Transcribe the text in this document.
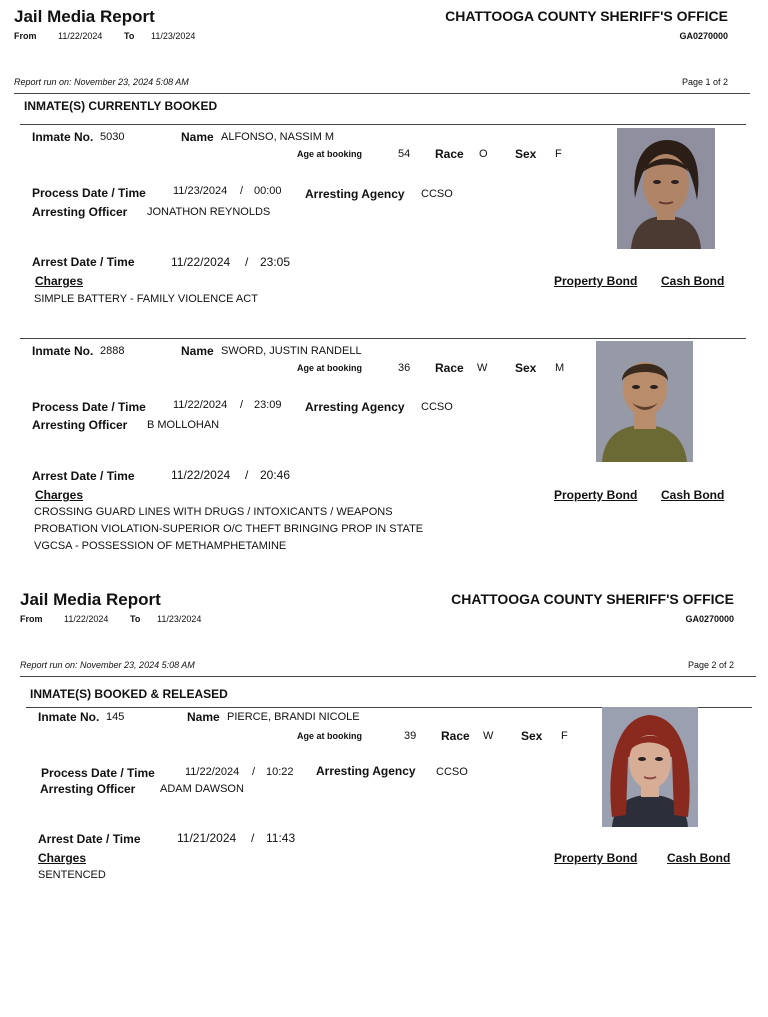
Jail Media Report
From 11/22/2024 To 11/23/2024
CHATTOOGA COUNTY SHERIFF'S OFFICE
GA0270000
Report run on: November 23, 2024 5:08 AM	Page 1 of 2
INMATE(S) CURRENTLY BOOKED
Inmate No. 5030	Name ALFONSO, NASSIM M
Age at booking	54 Race O Sex F
Process Date / Time 11/23/2024 / 00:00 Arresting Agency CCSO
Arresting Officer JONATHON REYNOLDS
Arrest Date / Time	11/22/2024 / 23:05
Charges	Property Bond Cash Bond
SIMPLE BATTERY - FAMILY VIOLENCE ACT
Inmate No. 2888	Name SWORD, JUSTIN RANDELL
Age at booking	36 Race W Sex M
Process Date / Time 11/22/2024 / 23:09 Arresting Agency CCSO
Arresting Officer B MOLLOHAN
Arrest Date / Time	11/22/2024 / 20:46
Charges	Property Bond Cash Bond
CROSSING GUARD LINES WITH DRUGS / INTOXICANTS / WEAPONS
PROBATION VIOLATION-SUPERIOR O/C THEFT BRINGING PROP IN STATE
VGCSA - POSSESSION OF METHAMPHETAMINE
Jail Media Report
From 11/22/2024 To 11/23/2024
CHATTOOGA COUNTY SHERIFF'S OFFICE
GA0270000
Report run on: November 23, 2024 5:08 AM	Page 2 of 2
INMATE(S) BOOKED & RELEASED
Inmate No. 145	Name PIERCE, BRANDI NICOLE
Age at booking	39 Race W Sex F
Process Date / Time	11/22/2024 / 10:22 Arresting Agency CCSO
Arresting Officer ADAM DAWSON
Arrest Date / Time	11/21/2024 / 11:43
Charges	Property Bond Cash Bond
SENTENCED
